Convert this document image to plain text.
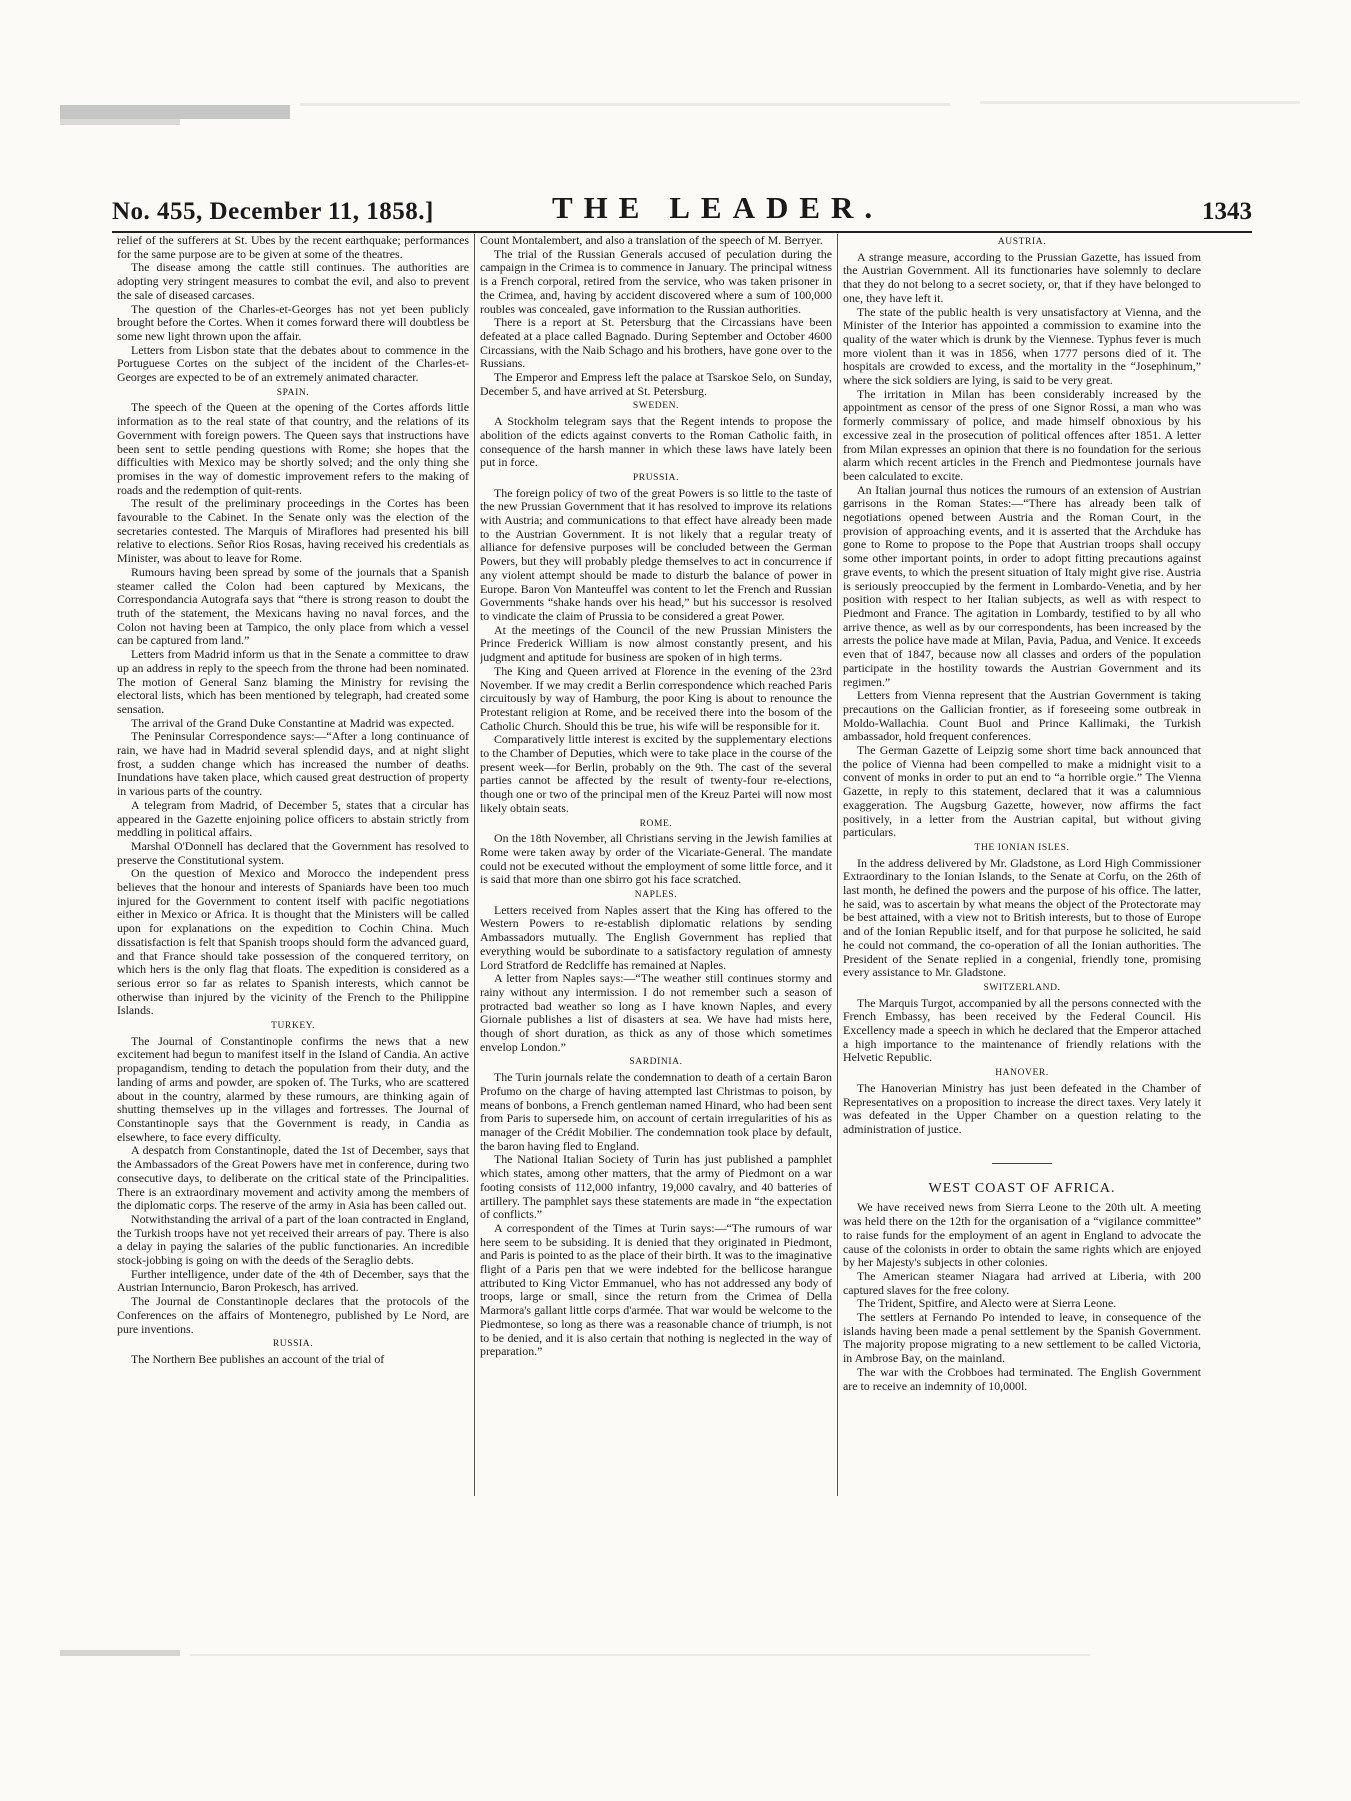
No. 455, December 11, 1858.]	THE LEADER.	1343

relief of the sufferers at St. Ubes by the recent earthquake; performances for the same purpose are to be given at some of the theatres.

The disease among the cattle still continues. The authorities are adopting very stringent measures to combat the evil, and also to prevent the sale of diseased carcases.

The question of the Charles-et-Georges has not yet been publicly brought before the Cortes. When it comes forward there will doubtless be some new light thrown upon the affair.

Letters from Lisbon state that the debates about to commence in the Portuguese Cortes on the subject of the incident of the Charles-et-Georges are expected to be of an extremely animated character.

SPAIN.

The speech of the Queen at the opening of the Cortes affords little information as to the real state of that country, and the relations of its Government with foreign powers. The Queen says that instructions have been sent to settle pending questions with Rome; she hopes that the difficulties with Mexico may be shortly solved; and the only thing she promises in the way of domestic improvement refers to the making of roads and the redemption of quit-rents.

The result of the preliminary proceedings in the Cortes has been favourable to the Cabinet. In the Senate only was the election of the secretaries contested. The Marquis of Miraflores had presented his bill relative to elections. Señor Rios Rosas, having received his credentials as Minister, was about to leave for Rome.

Rumours having been spread by some of the journals that a Spanish steamer called the Colon had been captured by Mexicans, the Correspondancia Autografa says that “there is strong reason to doubt the truth of the statement, the Mexicans having no naval forces, and the Colon not having been at Tampico, the only place from which a vessel can be captured from land.”

Letters from Madrid inform us that in the Senate a committee to draw up an address in reply to the speech from the throne had been nominated. The motion of General Sanz blaming the Ministry for revising the electoral lists, which has been mentioned by telegraph, had created some sensation.

The arrival of the Grand Duke Constantine at Madrid was expected.

The Peninsular Correspondence says:—“After a long continuance of rain, we have had in Madrid several splendid days, and at night slight frost, a sudden change which has increased the number of deaths. Inundations have taken place, which caused great destruction of property in various parts of the country.

A telegram from Madrid, of December 5, states that a circular has appeared in the Gazette enjoining police officers to abstain strictly from meddling in political affairs.

Marshal O'Donnell has declared that the Government has resolved to preserve the Constitutional system.

On the question of Mexico and Morocco the independent press believes that the honour and interests of Spaniards have been too much injured for the Government to content itself with pacific negotiations either in Mexico or Africa. It is thought that the Ministers will be called upon for explanations on the expedition to Cochin China. Much dissatisfaction is felt that Spanish troops should form the advanced guard, and that France should take possession of the conquered territory, on which hers is the only flag that floats. The expedition is considered as a serious error so far as relates to Spanish interests, which cannot be otherwise than injured by the vicinity of the French to the Philippine Islands.

TURKEY.

The Journal of Constantinople confirms the news that a new excitement had begun to manifest itself in the Island of Candia. An active propagandism, tending to detach the population from their duty, and the landing of arms and powder, are spoken of. The Turks, who are scattered about in the country, alarmed by these rumours, are thinking again of shutting themselves up in the villages and fortresses. The Journal of Constantinople says that the Government is ready, in Candia as elsewhere, to face every difficulty.

A despatch from Constantinople, dated the 1st of December, says that the Ambassadors of the Great Powers have met in conference, during two consecutive days, to deliberate on the critical state of the Principalities. There is an extraordinary movement and activity among the members of the diplomatic corps. The reserve of the army in Asia has been called out.

Notwithstanding the arrival of a part of the loan contracted in England, the Turkish troops have not yet received their arrears of pay. There is also a delay in paying the salaries of the public functionaries. An incredible stock-jobbing is going on with the deeds of the Seraglio debts.

Further intelligence, under date of the 4th of December, says that the Austrian Internuncio, Baron Prokesch, has arrived.

The Journal de Constantinople declares that the protocols of the Conferences on the affairs of Montenegro, published by Le Nord, are pure inventions.

RUSSIA.

The Northern Bee publishes an account of the trial of

Count Montalembert, and also a translation of the speech of M. Berryer.

The trial of the Russian Generals accused of peculation during the campaign in the Crimea is to commence in January. The principal witness is a French corporal, retired from the service, who was taken prisoner in the Crimea, and, having by accident discovered where a sum of 100,000 roubles was concealed, gave information to the Russian authorities.

There is a report at St. Petersburg that the Circassians have been defeated at a place called Bagnado. During September and October 4600 Circassians, with the Naib Schago and his brothers, have gone over to the Russians.

The Emperor and Empress left the palace at Tsarskoe Selo, on Sunday, December 5, and have arrived at St. Petersburg.

SWEDEN.

A Stockholm telegram says that the Regent intends to propose the abolition of the edicts against converts to the Roman Catholic faith, in consequence of the harsh manner in which these laws have lately been put in force.

PRUSSIA.

The foreign policy of two of the great Powers is so little to the taste of the new Prussian Government that it has resolved to improve its relations with Austria; and communications to that effect have already been made to the Austrian Government. It is not likely that a regular treaty of alliance for defensive purposes will be concluded between the German Powers, but they will probably pledge themselves to act in concurrence if any violent attempt should be made to disturb the balance of power in Europe. Baron Von Manteuffel was content to let the French and Russian Governments “shake hands over his head,” but his successor is resolved to vindicate the claim of Prussia to be considered a great Power.

At the meetings of the Council of the new Prussian Ministers the Prince Frederick William is now almost constantly present, and his judgment and aptitude for business are spoken of in high terms.

The King and Queen arrived at Florence in the evening of the 23rd November. If we may credit a Berlin correspondence which reached Paris circuitously by way of Hamburg, the poor King is about to renounce the Protestant religion at Rome, and be received there into the bosom of the Catholic Church. Should this be true, his wife will be responsible for it.

Comparatively little interest is excited by the supplementary elections to the Chamber of Deputies, which were to take place in the course of the present week—for Berlin, probably on the 9th. The cast of the several parties cannot be affected by the result of twenty-four re-elections, though one or two of the principal men of the Kreuz Partei will now most likely obtain seats.

ROME.

On the 18th November, all Christians serving in the Jewish families at Rome were taken away by order of the Vicariate-General. The mandate could not be executed without the employment of some little force, and it is said that more than one sbirro got his face scratched.

NAPLES.

Letters received from Naples assert that the King has offered to the Western Powers to re-establish diplomatic relations by sending Ambassadors mutually. The English Government has replied that everything would be subordinate to a satisfactory regulation of amnesty Lord Stratford de Redcliffe has remained at Naples.

A letter from Naples says:—“The weather still continues stormy and rainy without any intermission. I do not remember such a season of protracted bad weather so long as I have known Naples, and every Giornale publishes a list of disasters at sea. We have had mists here, though of short duration, as thick as any of those which sometimes envelop London.”

SARDINIA.

The Turin journals relate the condemnation to death of a certain Baron Profumo on the charge of having attempted last Christmas to poison, by means of bonbons, a French gentleman named Hinard, who had been sent from Paris to supersede him, on account of certain irregularities of his as manager of the Crédit Mobilier. The condemnation took place by default, the baron having fled to England.

The National Italian Society of Turin has just published a pamphlet which states, among other matters, that the army of Piedmont on a war footing consists of 112,000 infantry, 19,000 cavalry, and 40 batteries of artillery. The pamphlet says these statements are made in “the expectation of conflicts.”

A correspondent of the Times at Turin says:—“The rumours of war here seem to be subsiding. It is denied that they originated in Piedmont, and Paris is pointed to as the place of their birth. It was to the imaginative flight of a Paris pen that we were indebted for the bellicose harangue attributed to King Victor Emmanuel, who has not addressed any body of troops, large or small, since the return from the Crimea of Della Marmora's gallant little corps d'armée. That war would be welcome to the Piedmontese, so long as there was a reasonable chance of triumph, is not to be denied, and it is also certain that nothing is neglected in the way of preparation.”

AUSTRIA.

A strange measure, according to the Prussian Gazette, has issued from the Austrian Government. All its functionaries have solemnly to declare that they do not belong to a secret society, or, that if they have belonged to one, they have left it.

The state of the public health is very unsatisfactory at Vienna, and the Minister of the Interior has appointed a commission to examine into the quality of the water which is drunk by the Viennese. Typhus fever is much more violent than it was in 1856, when 1777 persons died of it. The hospitals are crowded to excess, and the mortality in the “Josephinum,” where the sick soldiers are lying, is said to be very great.

The irritation in Milan has been considerably increased by the appointment as censor of the press of one Signor Rossi, a man who was formerly commissary of police, and made himself obnoxious by his excessive zeal in the prosecution of political offences after 1851. A letter from Milan expresses an opinion that there is no foundation for the serious alarm which recent articles in the French and Piedmontese journals have been calculated to excite.

An Italian journal thus notices the rumours of an extension of Austrian garrisons in the Roman States:—“There has already been talk of negotiations opened between Austria and the Roman Court, in the provision of approaching events, and it is asserted that the Archduke has gone to Rome to propose to the Pope that Austrian troops shall occupy some other important points, in order to adopt fitting precautions against grave events, to which the present situation of Italy might give rise. Austria is seriously preoccupied by the ferment in Lombardo-Venetia, and by her position with respect to her Italian subjects, as well as with respect to Piedmont and France. The agitation in Lombardy, testified to by all who arrive thence, as well as by our correspondents, has been increased by the arrests the police have made at Milan, Pavia, Padua, and Venice. It exceeds even that of 1847, because now all classes and orders of the population participate in the hostility towards the Austrian Government and its regimen.”

Letters from Vienna represent that the Austrian Government is taking precautions on the Gallician frontier, as if foreseeing some outbreak in Moldo-Wallachia. Count Buol and Prince Kallimaki, the Turkish ambassador, hold frequent conferences.

The German Gazette of Leipzig some short time back announced that the police of Vienna had been compelled to make a midnight visit to a convent of monks in order to put an end to “a horrible orgie.” The Vienna Gazette, in reply to this statement, declared that it was a calumnious exaggeration. The Augsburg Gazette, however, now affirms the fact positively, in a letter from the Austrian capital, but without giving particulars.

THE IONIAN ISLES.

In the address delivered by Mr. Gladstone, as Lord High Commissioner Extraordinary to the Ionian Islands, to the Senate at Corfu, on the 26th of last month, he defined the powers and the purpose of his office. The latter, he said, was to ascertain by what means the object of the Protectorate may be best attained, with a view not to British interests, but to those of Europe and of the Ionian Republic itself, and for that purpose he solicited, he said he could not command, the co-operation of all the Ionian authorities. The President of the Senate replied in a congenial, friendly tone, promising every assistance to Mr. Gladstone.

SWITZERLAND.

The Marquis Turgot, accompanied by all the persons connected with the French Embassy, has been received by the Federal Council. His Excellency made a speech in which he declared that the Emperor attached a high importance to the maintenance of friendly relations with the Helvetic Republic.

HANOVER.

The Hanoverian Ministry has just been defeated in the Chamber of Representatives on a proposition to increase the direct taxes. Very lately it was defeated in the Upper Chamber on a question relating to the administration of justice.

WEST COAST OF AFRICA.

We have received news from Sierra Leone to the 20th ult. A meeting was held there on the 12th for the organisation of a “vigilance committee” to raise funds for the employment of an agent in England to advocate the cause of the colonists in order to obtain the same rights which are enjoyed by her Majesty's subjects in other colonies.

The American steamer Niagara had arrived at Liberia, with 200 captured slaves for the free colony.

The Trident, Spitfire, and Alecto were at Sierra Leone.

The settlers at Fernando Po intended to leave, in consequence of the islands having been made a penal settlement by the Spanish Government. The majority propose migrating to a new settlement to be called Victoria, in Ambrose Bay, on the mainland.

The war with the Crobboes had terminated. The English Government are to receive an indemnity of 10,000l.
